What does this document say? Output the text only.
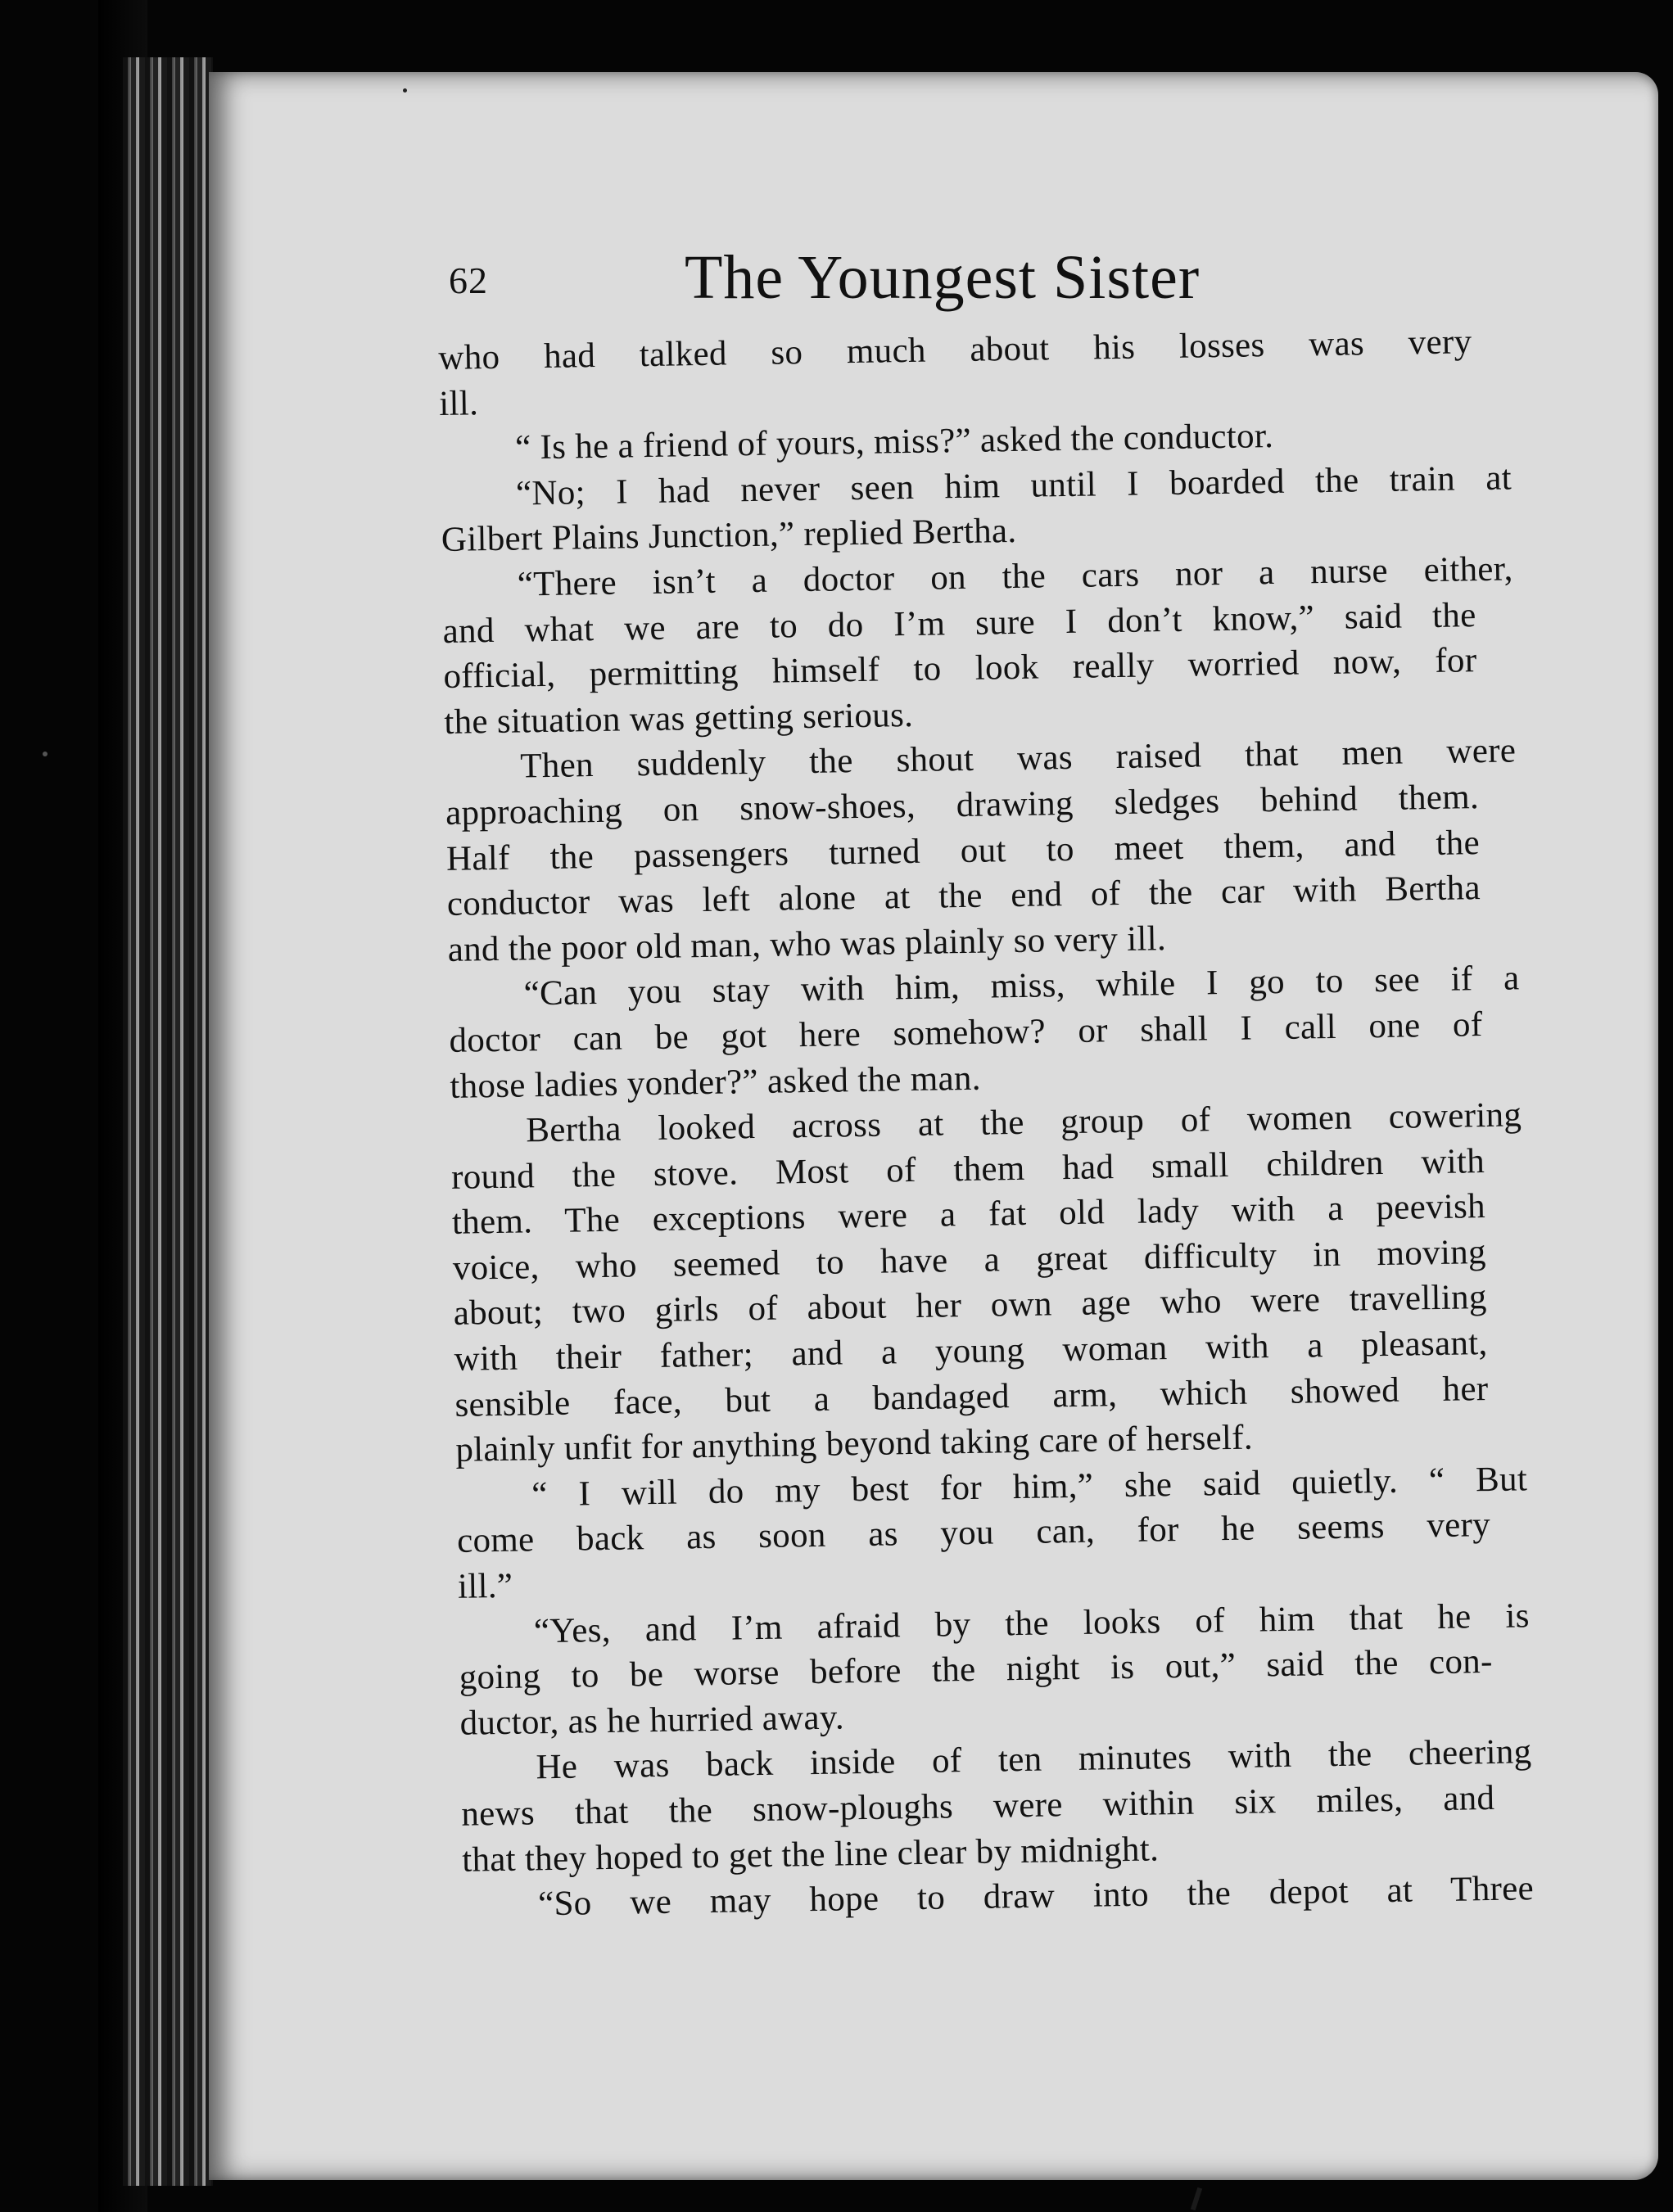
62	The Youngest Sister
who had talked so much about his losses was very
ill.
“ Is he a friend of yours, miss?” asked the conductor.
“No; I had never seen him until I boarded the train at
Gilbert Plains Junction,” replied Bertha.
“There isn’t a doctor on the cars nor a nurse either,
and what we are to do I’m sure I don’t know,” said the
official, permitting himself to look really worried now, for
the situation was getting serious.
Then suddenly the shout was raised that men were
approaching on snow-shoes, drawing sledges behind them.
Half the passengers turned out to meet them, and the
conductor was left alone at the end of the car with Bertha
and the poor old man, who was plainly so very ill.
“Can you stay with him, miss, while I go to see if a
doctor can be got here somehow? or shall I call one of
those ladies yonder?” asked the man.
Bertha looked across at the group of women cowering
round the stove. Most of them had small children with
them. The exceptions were a fat old lady with a peevish
voice, who seemed to have a great difficulty in moving
about; two girls of about her own age who were travelling
with their father; and a young woman with a pleasant,
sensible face, but a bandaged arm, which showed her
plainly unfit for anything beyond taking care of herself.
“ I will do my best for him,” she said quietly. “ But
come back as soon as you can, for he seems very
ill.”
“Yes, and I’m afraid by the looks of him that he is
going to be worse before the night is out,” said the con-
ductor, as he hurried away.
He was back inside of ten minutes with the cheering
news that the snow-ploughs were within six miles, and
that they hoped to get the line clear by midnight.
“So we may hope to draw into the depot at Three
